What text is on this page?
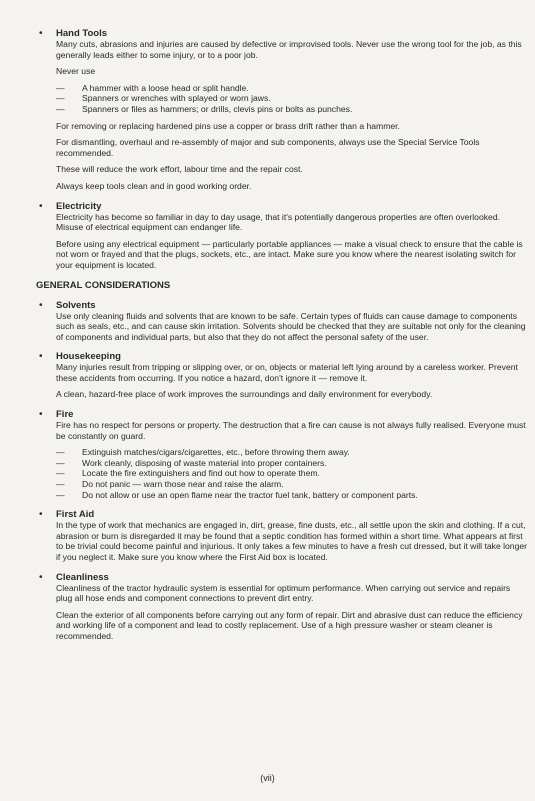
• Hand Tools

Many cuts, abrasions and injuries are caused by defective or improvised tools. Never use the wrong tool for the job, as this generally leads either to some injury, or to a poor job.

Never use

— A hammer with a loose head or split handle.
— Spanners or wrenches with splayed or worn jaws.
— Spanners or files as hammers; or drills, clevis pins or bolts as punches.

For removing or replacing hardened pins use a copper or brass drift rather than a hammer.

For dismantling, overhaul and re-assembly of major and sub components, always use the Special Service Tools recommended.

These will reduce the work effort, labour time and the repair cost.

Always keep tools clean and in good working order.

• Electricity

Electricity has become so familiar in day to day usage, that it's potentially dangerous properties are often overlooked. Misuse of electrical equipment can endanger life.

Before using any electrical equipment — particularly portable appliances — make a visual check to ensure that the cable is not worn or frayed and that the plugs, sockets, etc., are intact. Make sure you know where the nearest isolating switch for your equipment is located.

GENERAL CONSIDERATIONS
• Solvents

Use only cleaning fluids and solvents that are known to be safe. Certain types of fluids can cause damage to components such as seals, etc., and can cause skin irritation. Solvents should be checked that they are suitable not only for the cleaning of components and individual parts, but also that they do not affect the personal safety of the user.

• Housekeeping

Many injuries result from tripping or slipping over, or on, objects or material left lying around by a careless worker. Prevent these accidents from occurring. If you notice a hazard, don't ignore it — remove it.

A clean, hazard-free place of work improves the surroundings and daily environment for everybody.

• Fire

Fire has no respect for persons or property. The destruction that a fire can cause is not always fully realised. Everyone must be constantly on guard.

— Extinguish matches/cigars/cigarettes, etc., before throwing them away.
— Work cleanly, disposing of waste material into proper containers.
— Locate the fire extinguishers and find out how to operate them.
— Do not panic — warn those near and raise the alarm.
— Do not allow or use an open flame near the tractor fuel tank, battery or component parts.
• First Aid

In the type of work that mechanics are engaged in, dirt, grease, fine dusts, etc., all settle upon the skin and clothing. If a cut, abrasion or burn is disregarded it may be found that a septic condition has formed within a short time. What appears at first to be trivial could become painful and injurious. It only takes a few minutes to have a fresh cut dressed, but it will take longer if you neglect it. Make sure you know where the First Aid box is located.

• Cleanliness

Cleanliness of the tractor hydraulic system is essential for optimum performance. When carrying out service and repairs plug all hose ends and component connections to prevent dirt entry.

Clean the exterior of all components before carrying out any form of repair. Dirt and abrasive dust can reduce the efficiency and working life of a component and lead to costly replacement. Use of a high pressure washer or steam cleaner is recommended.

(vii)
